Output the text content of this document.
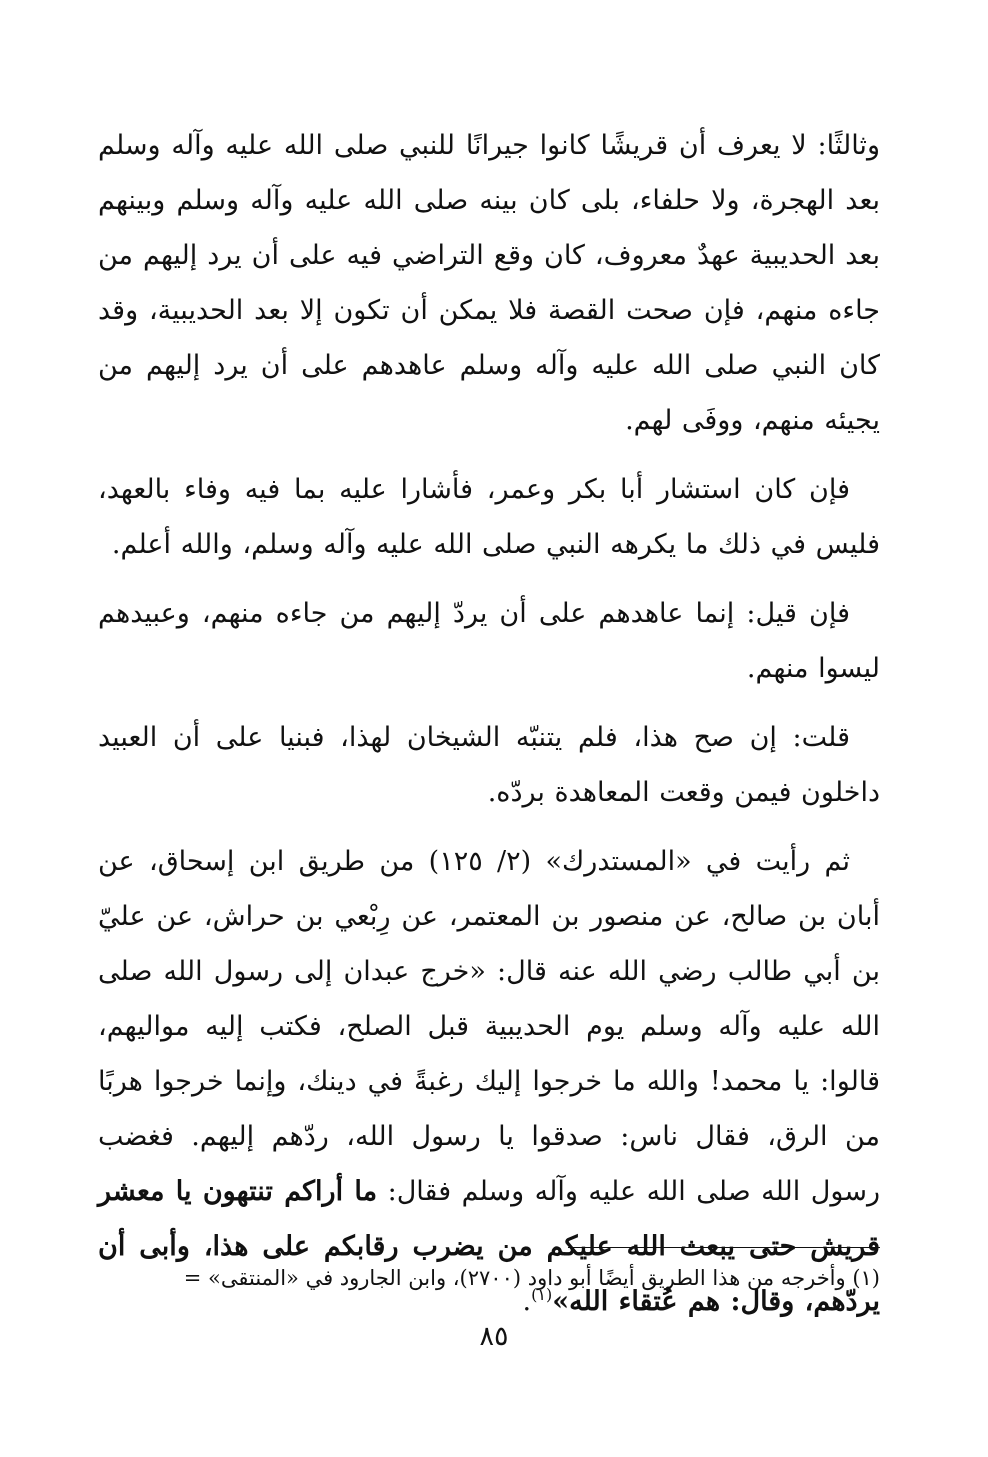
وثالثًا: لا يعرف أن قريشًا كانوا جيرانًا للنبي صلى الله عليه وآله وسلم بعد الهجرة، ولا حلفاء، بلى كان بينه صلى الله عليه وآله وسلم وبينهم بعد الحديبية عهدٌ معروف، كان وقع التراضي فيه على أن يرد إليهم من جاءه منهم، فإن صحت القصة فلا يمكن أن تكون إلا بعد الحديبية، وقد كان النبي صلى الله عليه وآله وسلم عاهدهم على أن يرد إليهم من يجيئه منهم، ووفَى لهم.

فإن كان استشار أبا بكر وعمر، فأشارا عليه بما فيه وفاء بالعهد، فليس في ذلك ما يكرهه النبي صلى الله عليه وآله وسلم، والله أعلم.

فإن قيل: إنما عاهدهم على أن يردّ إليهم من جاءه منهم، وعبيدهم ليسوا منهم.

قلت: إن صح هذا، فلم يتنبّه الشيخان لهذا، فبنيا على أن العبيد داخلون فيمن وقعت المعاهدة بردّه.

ثم رأيت في «المستدرك» (٢/ ١٢٥) من طريق ابن إسحاق، عن أبان بن صالح، عن منصور بن المعتمر، عن رِبْعي بن حراش، عن عليّ بن أبي طالب رضي الله عنه قال: «خرج عبدان إلى رسول الله صلى الله عليه وآله وسلم يوم الحديبية قبل الصلح، فكتب إليه مواليهم، قالوا: يا محمد! والله ما خرجوا إليك رغبةً في دينك، وإنما خرجوا هربًا من الرق، فقال ناس: صدقوا يا رسول الله، ردّهم إليهم. فغضب رسول الله صلى الله عليه وآله وسلم فقال: ما أراكم تنتهون يا معشر قريش حتى يبعث الله عليكم من يضرب رقابكم على هذا، وأبى أن يردّهم، وقال: هم عُتقاء الله»$^{(١)}$.

(١) وأخرجه من هذا الطريق أيضًا أبو داود (٢٧٠٠)، وابن الجارود في «المنتقى» =
٨٥
